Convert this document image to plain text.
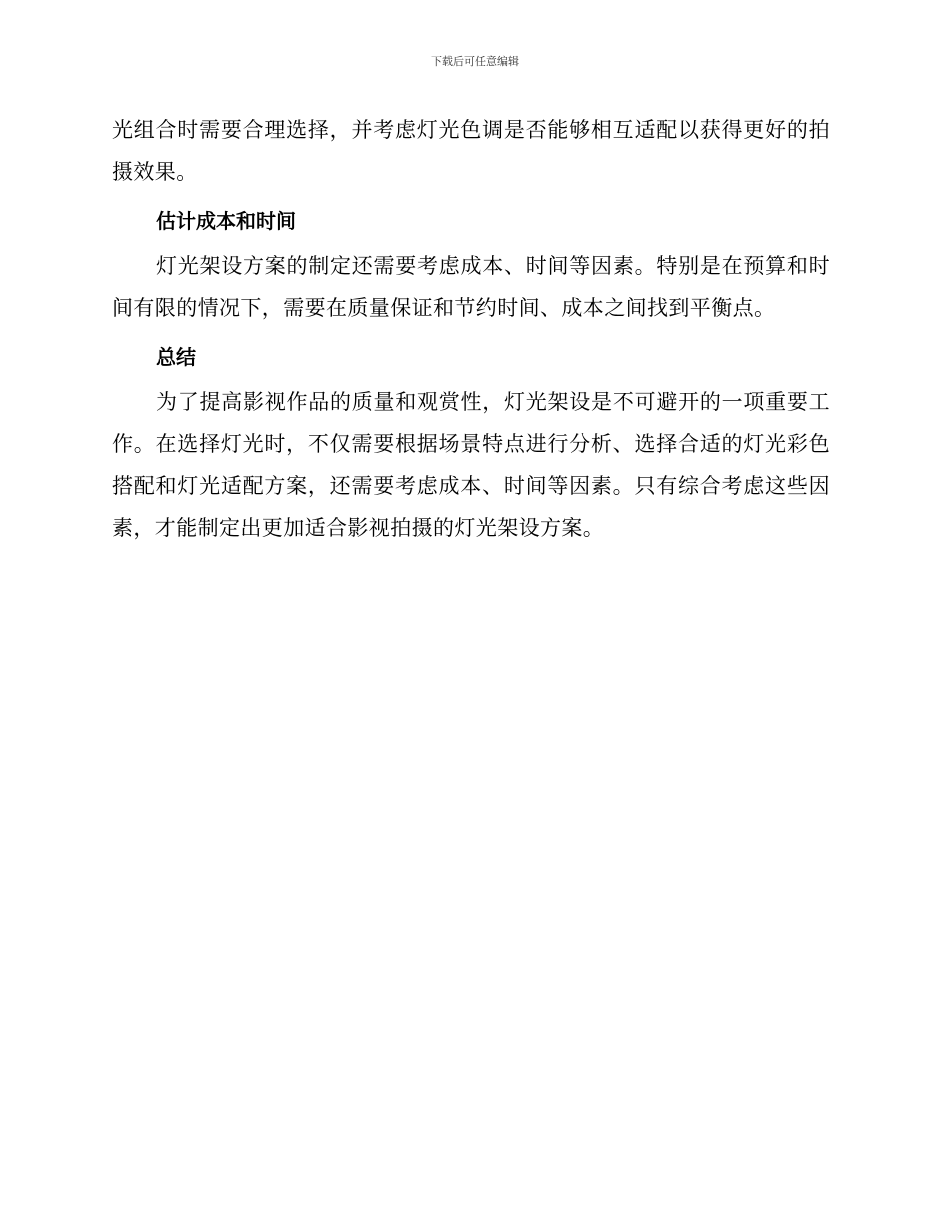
下载后可任意编辑

光组合时需要合理选择，并考虑灯光色调是否能够相互适配以获得更好的拍摄效果。

估计成本和时间

灯光架设方案的制定还需要考虑成本、时间等因素。特别是在预算和时间有限的情况下，需要在质量保证和节约时间、成本之间找到平衡点。

总结

为了提高影视作品的质量和观赏性，灯光架设是不可避开的一项重要工作。在选择灯光时，不仅需要根据场景特点进行分析、选择合适的灯光彩色搭配和灯光适配方案，还需要考虑成本、时间等因素。只有综合考虑这些因素，才能制定出更加适合影视拍摄的灯光架设方案。
